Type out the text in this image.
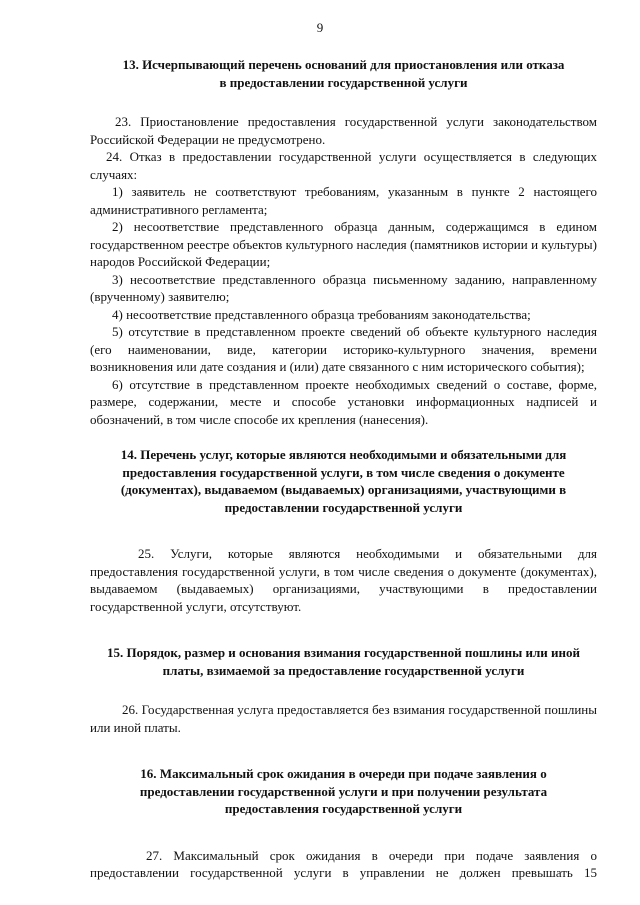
9
13. Исчерпывающий перечень оснований для приостановления или отказа
в предоставлении государственной услуги

23. Приостановление предоставления государственной услуги законодательством Российской Федерации не предусмотрено.

24. Отказ в предоставлении государственной услуги осуществляется в следующих случаях:

1) заявитель не соответствуют требованиям, указанным в пункте 2 настоящего административного регламента;

2) несоответствие представленного образца данным, содержащимся в едином государственном реестре объектов культурного наследия (памятников истории и культуры) народов Российской Федерации;

3) несоответствие представленного образца письменному заданию, направленному (врученному) заявителю;

4) несоответствие представленного образца требованиям законодательства;

5) отсутствие в представленном проекте сведений об объекте культурного наследия (его наименовании, виде, категории историко-культурного значения, времени возникновения или дате создания и (или) дате связанного с ним исторического события);

6) отсутствие в представленном проекте необходимых сведений о составе, форме, размере, содержании, месте и способе установки информационных надписей и обозначений, в том числе способе их крепления (нанесения).

14. Перечень услуг, которые являются необходимыми и обязательными для
предоставления государственной услуги, в том числе сведения о документе
(документах), выдаваемом (выдаваемых) организациями, участвующими в
предоставлении государственной услуги

25. Услуги, которые являются необходимыми и обязательными для предоставления государственной услуги, в том числе сведения о документе (документах), выдаваемом (выдаваемых) организациями, участвующими в предоставлении государственной услуги, отсутствуют.

15. Порядок, размер и основания взимания государственной пошлины или иной
платы, взимаемой за предоставление государственной услуги

26. Государственная услуга предоставляется без взимания государственной пошлины или иной платы.

16. Максимальный срок ожидания в очереди при подаче заявления о
предоставлении государственной услуги и при получении результата
предоставления государственной услуги

27. Максимальный срок ожидания в очереди при подаче заявления о предоставлении государственной услуги в управлении не должен превышать 15
